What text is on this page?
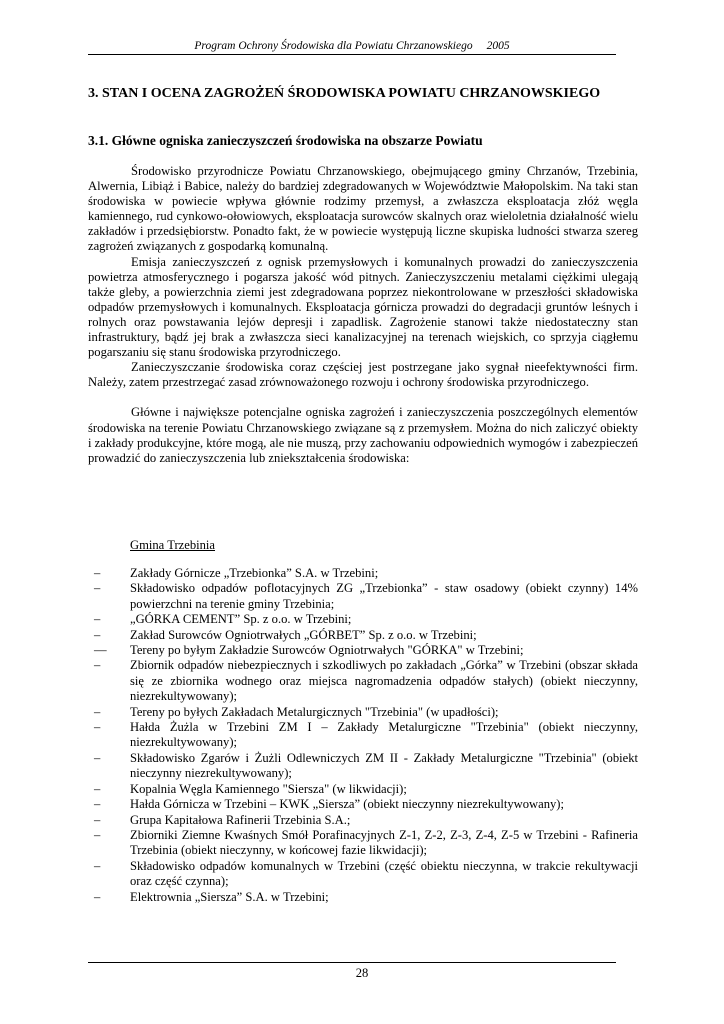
Program Ochrony Środowiska dla Powiatu Chrzanowskiego 2005
3. STAN I OCENA ZAGROŻEŃ ŚRODOWISKA POWIATU CHRZANOWSKIEGO
3.1. Główne ogniska zanieczyszczeń środowiska na obszarze Powiatu

Środowisko przyrodnicze Powiatu Chrzanowskiego, obejmującego gminy Chrzanów, Trzebinia, Alwernia, Libiąż i Babice, należy do bardziej zdegradowanych w Województwie Małopolskim. Na taki stan środowiska w powiecie wpływa głównie rodzimy przemysł, a zwłaszcza eksploatacja złóż węgla kamiennego, rud cynkowo-ołowiowych, eksploatacja surowców skalnych oraz wieloletnia działalność wielu zakładów i przedsiębiorstw. Ponadto fakt, że w powiecie występują liczne skupiska ludności stwarza szereg zagrożeń związanych z gospodarką komunalną.

Emisja zanieczyszczeń z ognisk przemysłowych i komunalnych prowadzi do zanieczyszczenia powietrza atmosferycznego i pogarsza jakość wód pitnych. Zanieczyszczeniu metalami ciężkimi ulegają także gleby, a powierzchnia ziemi jest zdegradowana poprzez niekontrolowane w przeszłości składowiska odpadów przemysłowych i komunalnych. Eksploatacja górnicza prowadzi do degradacji gruntów leśnych i rolnych oraz powstawania lejów depresji i zapadlisk. Zagrożenie stanowi także niedostateczny stan infrastruktury, bądź jej brak a zwłaszcza sieci kanalizacyjnej na terenach wiejskich, co sprzyja ciągłemu pogarszaniu się stanu środowiska przyrodniczego.

Zanieczyszczanie środowiska coraz częściej jest postrzegane jako sygnał nieefektywności firm. Należy, zatem przestrzegać zasad zrównoważonego rozwoju i ochrony środowiska przyrodniczego.

Główne i największe potencjalne ogniska zagrożeń i zanieczyszczenia poszczególnych elementów środowiska na terenie Powiatu Chrzanowskiego związane są z przemysłem. Można do nich zaliczyć obiekty i zakłady produkcyjne, które mogą, ale nie muszą, przy zachowaniu odpowiednich wymogów i zabezpieczeń prowadzić do zanieczyszczenia lub zniekształcenia środowiska:

Gmina Trzebinia
– Zakłady Górnicze „Trzebionka” S.A. w Trzebini;
– Składowisko odpadów poflotacyjnych ZG „Trzebionka” - staw osadowy (obiekt czynny) 14% powierzchni na terenie gminy Trzebinia;
– „GÓRKA CEMENT” Sp. z o.o. w Trzebini;
– Zakład Surowców Ogniotrwałych „GÓRBET” Sp. z o.o. w Trzebini;
— Tereny po byłym Zakładzie Surowców Ogniotrwałych "GÓRKA" w Trzebini;
– Zbiornik odpadów niebezpiecznych i szkodliwych po zakładach „Górka” w Trzebini (obszar składa się ze zbiornika wodnego oraz miejsca nagromadzenia odpadów stałych) (obiekt nieczynny, niezrekultywowany);
– Tereny po byłych Zakładach Metalurgicznych "Trzebinia" (w upadłości);
– Hałda Żużla w Trzebini ZM I – Zakłady Metalurgiczne "Trzebinia" (obiekt nieczynny, niezrekultywowany);
– Składowisko Zgarów i Żużli Odlewniczych ZM II - Zakłady Metalurgiczne "Trzebinia" (obiekt nieczynny niezrekultywowany);
– Kopalnia Węgla Kamiennego "Siersza" (w likwidacji);
– Hałda Górnicza w Trzebini – KWK „Siersza” (obiekt nieczynny niezrekultywowany);
– Grupa Kapitałowa Rafinerii Trzebinia S.A.;
– Zbiorniki Ziemne Kwaśnych Smół Porafinacyjnych Z-1, Z-2, Z-3, Z-4, Z-5 w Trzebini - Rafineria Trzebinia (obiekt nieczynny, w końcowej fazie likwidacji);
– Składowisko odpadów komunalnych w Trzebini (część obiektu nieczynna, w trakcie rekultywacji oraz część czynna);
– Elektrownia „Siersza” S.A. w Trzebini;
28
